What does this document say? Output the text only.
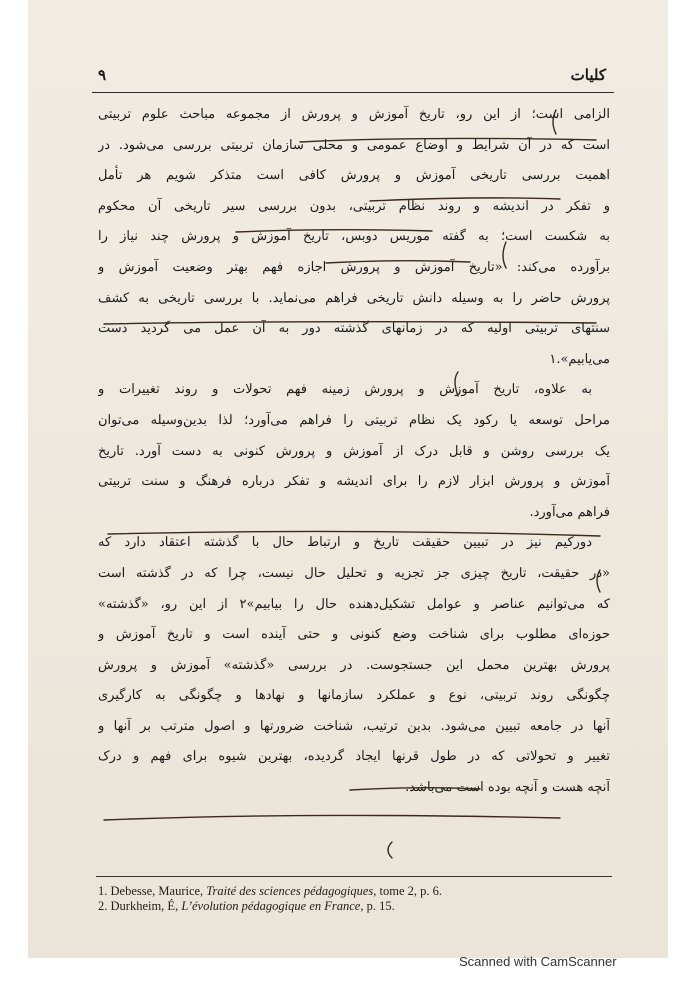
کلیات
۹
الزامی است؛ از این رو، تاریخ آموزش و پرورش از مجموعه مباحث علوم تربیتی
است که در آن شرایط و اوضاع عمومی و محلی سازمان تربیتی بررسی می‌شود. در
اهمیت بررسی تاریخی آموزش و پرورش کافی است متذکر شویم هر تأمل
و تفکر در اندیشه و روند نظام تربیتی، بدون بررسی سیر تاریخی آن محکوم
به شکست است؛ به گفته موریس دوبس، تاریخ آموزش و پرورش چند نیاز را
برآورده می‌کند: «تاریخ آموزش و پرورش اجازه فهم بهتر وضعیت آموزش و
پرورش حاضر را به وسیله دانش تاریخی فراهم می‌نماید. با بررسی تاریخی به کشف
سنتهای تربیتی اولیه که در زمانهای گذشته دور به آن عمل می گردید دست
می‌یابیم».۱
به علاوه، تاریخ آموزش و پرورش زمینه فهم تحولات و روند تغییرات و
مراحل توسعه یا رکود یک نظام تربیتی را فراهم می‌آورد؛ لذا بدین‌وسیله می‌توان
یک بررسی روشن و قابل درک از آموزش و پرورش کنونی به دست آورد. تاریخ
آموزش و پرورش ابزار لازم را برای اندیشه و تفکر درباره فرهنگ و سنت تربیتی
فراهم می‌آورد.
دورکیم نیز در تبیین حقیقت تاریخ و ارتباط حال با گذشته اعتقاد دارد که
«در حقیقت، تاریخ چیزی جز تجزیه و تحلیل حال نیست، چرا که در گذشته است
که می‌توانیم عناصر و عوامل تشکیل‌دهنده حال را بیابیم»۲ از این رو، «گذشته»
حوزه‌ای مطلوب برای شناخت وضع کنونی و حتی آینده است و تاریخ آموزش و
پرورش بهترین محمل این جستجوست. در بررسی «گذشته» آموزش و پرورش
چگونگی روند تربیتی، نوع و عملکرد سازمانها و نهادها و چگونگی به کارگیری
آنها در جامعه تبیین می‌شود. بدین ترتیب، شناخت ضرورتها و اصول مترتب بر آنها و
تغییر و تحولاتی که در طول قرنها ایجاد گردیده، بهترین شیوه برای فهم و درک
آنچه هست و آنچه بوده است می‌باشد.
1. Debesse, Maurice, Traité des sciences pédagogiques, tome 2, p. 6.
2. Durkheim, É, L’évolution pédagogique en France, p. 15.
Scanned with CamScanner
